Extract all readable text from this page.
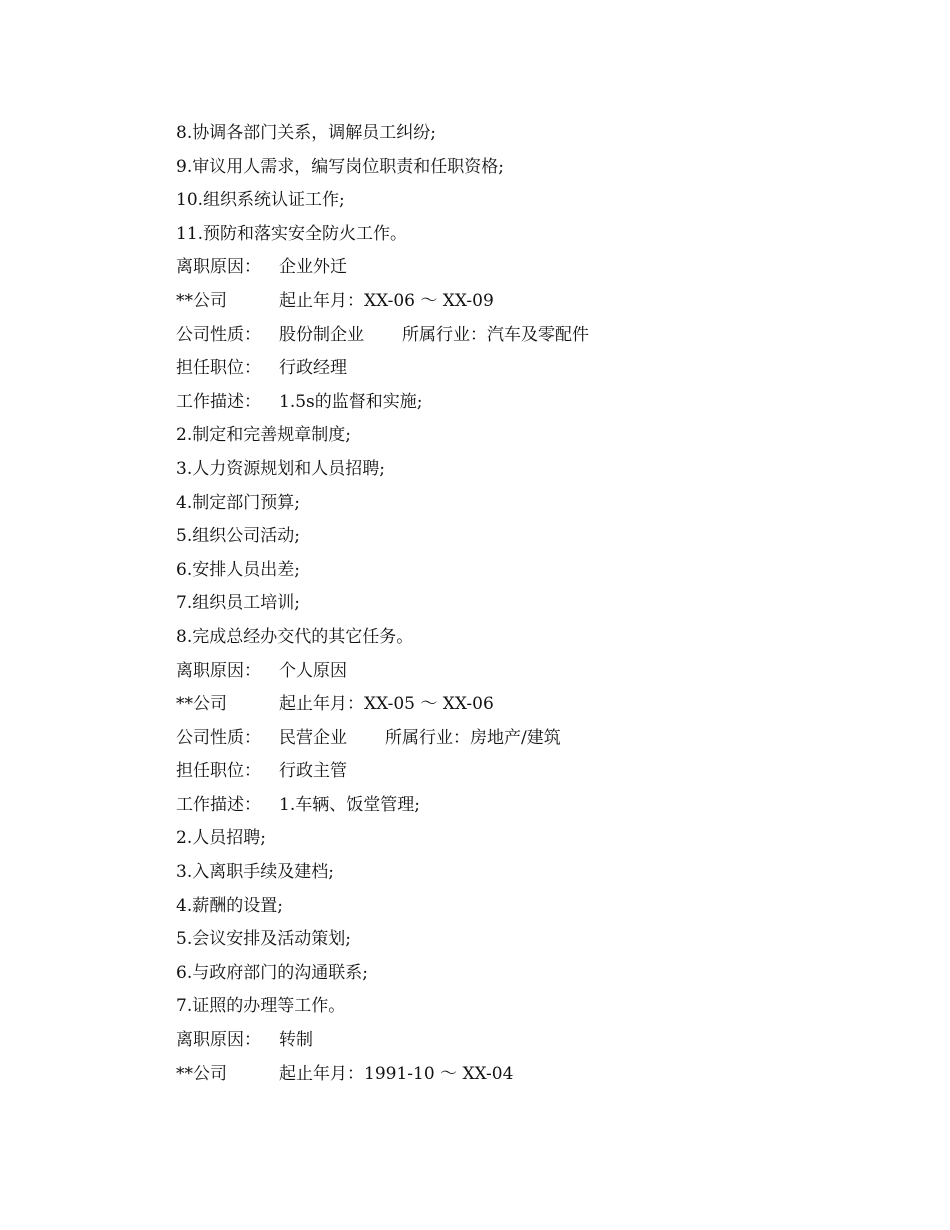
8.协调各部门关系，调解员工纠纷;
9.审议用人需求，编写岗位职责和任职资格;
10.组织系统认证工作;
11.预防和落实安全防火工作。
离职原因： 企业外迁
**公司	起止年月：XX-06 ～ XX-09
公司性质： 股份制企业 所属行业：汽车及零配件
担任职位： 行政经理
工作描述： 1.5s的监督和实施;
2.制定和完善规章制度;
3.人力资源规划和人员招聘;
4.制定部门预算;
5.组织公司活动;
6.安排人员出差;
7.组织员工培训;
8.完成总经办交代的其它任务。
离职原因： 个人原因
**公司	起止年月：XX-05 ～ XX-06
公司性质： 民营企业 所属行业：房地产/建筑
担任职位： 行政主管
工作描述： 1.车辆、饭堂管理;
2.人员招聘;
3.入离职手续及建档;
4.薪酬的设置;
5.会议安排及活动策划;
6.与政府部门的沟通联系;
7.证照的办理等工作。
离职原因： 转制
**公司	起止年月：1991-10 ～ XX-04
